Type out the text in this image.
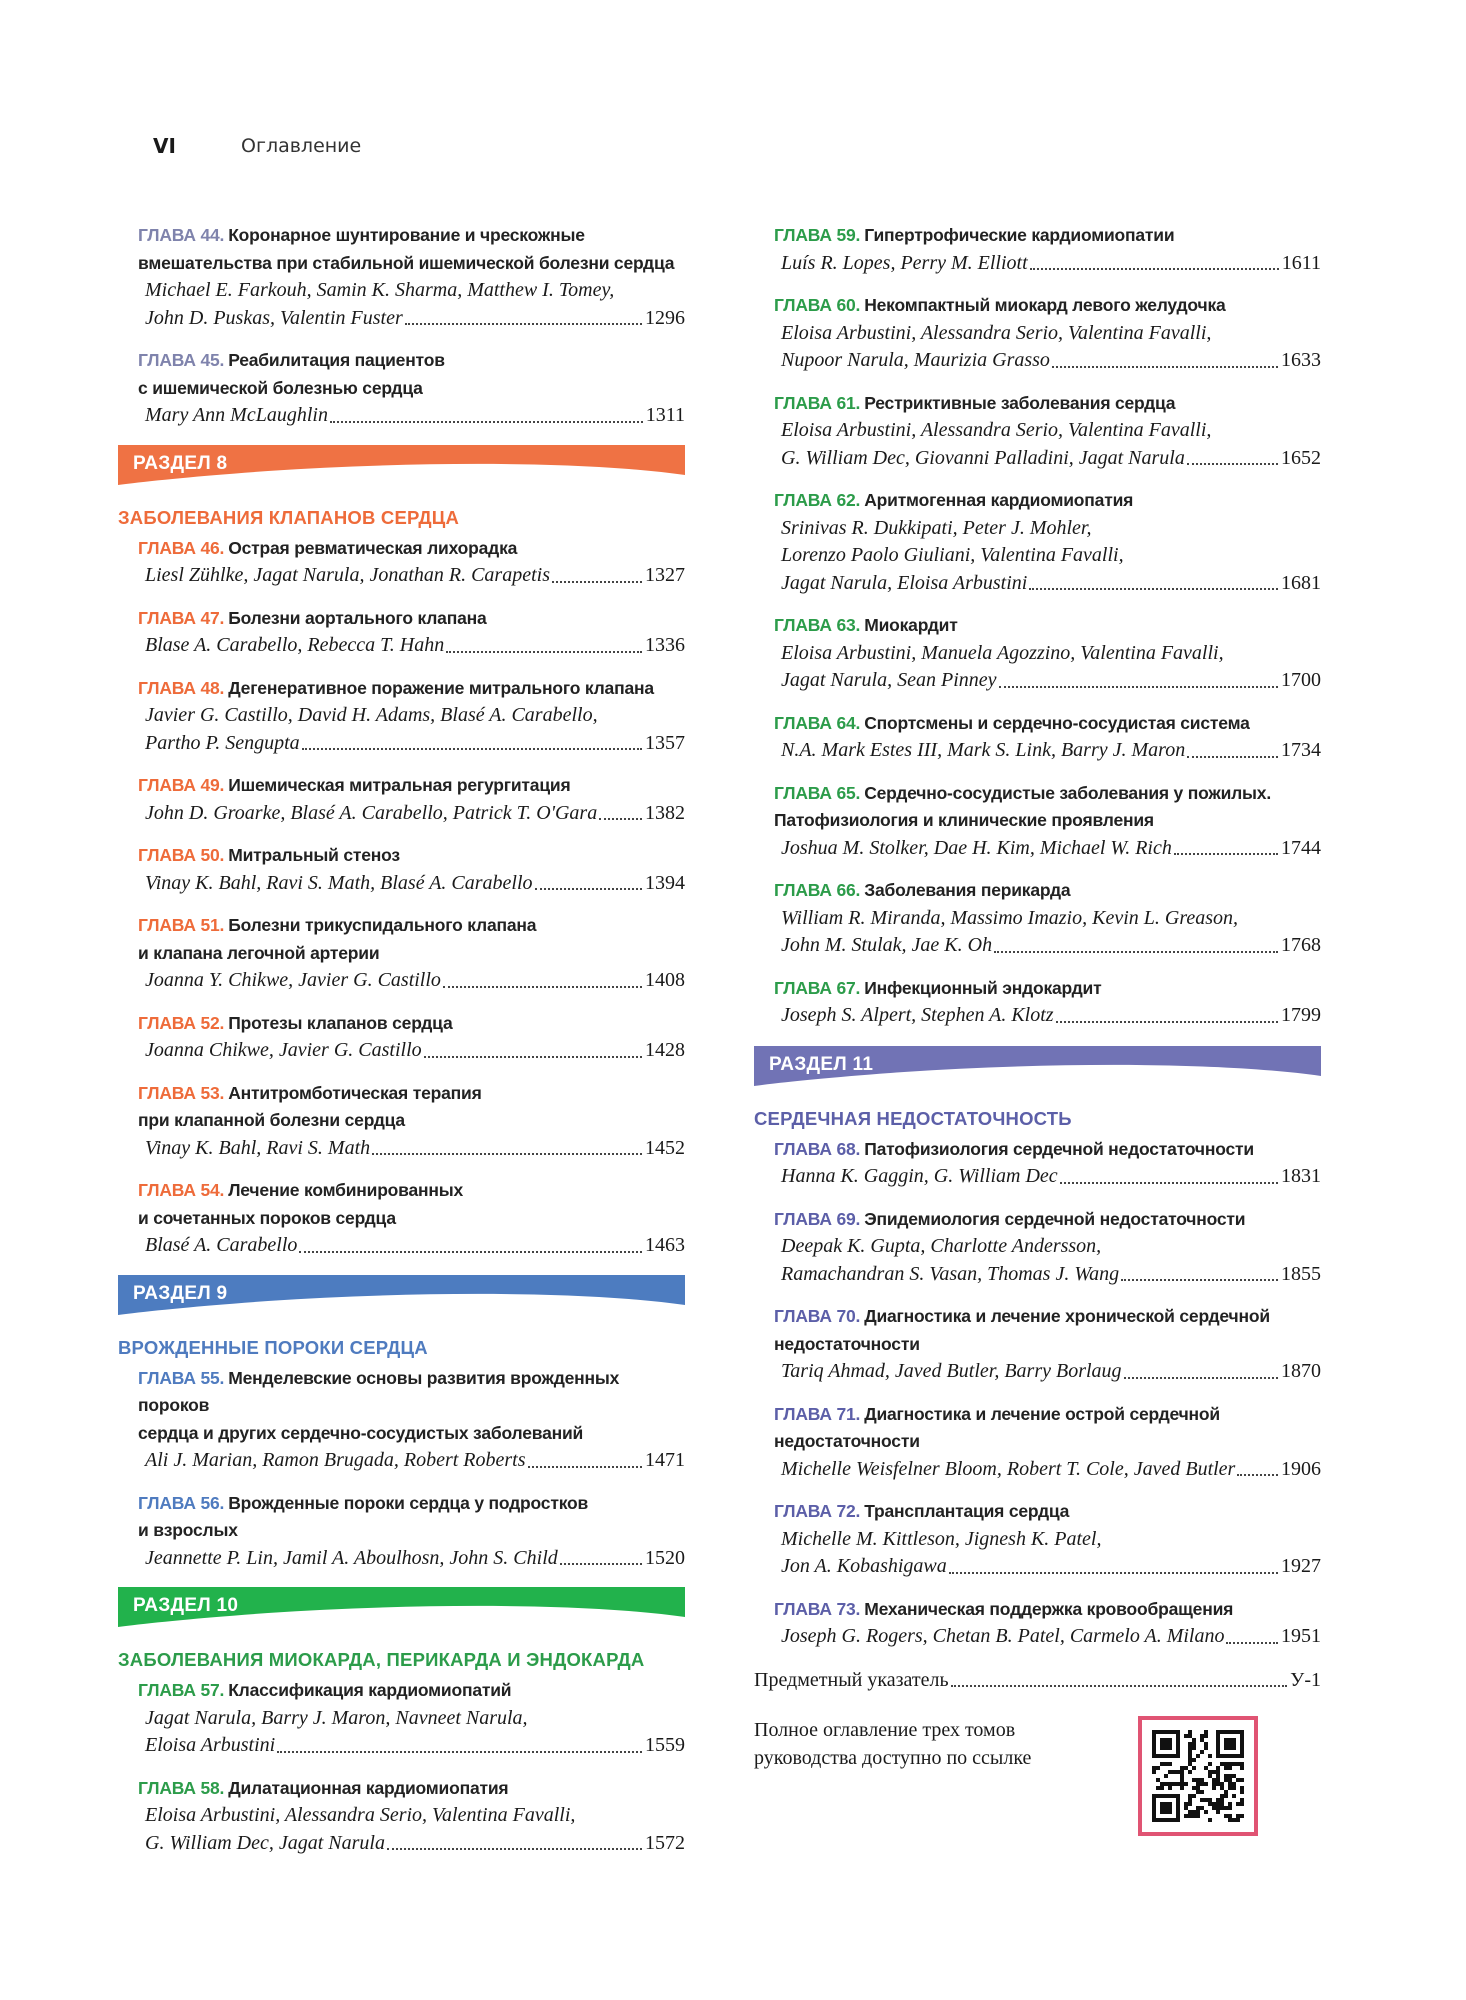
VI	Оглавление
ГЛАВА 44. Коронарное шунтирование и чрескожные
вмешательства при стабильной ишемической болезни сердца
Michael E. Farkouh, Samin K. Sharma, Matthew I. Tomey,
John D. Puskas, Valentin Fuster	1296
ГЛАВА 45. Реабилитация пациентов
с ишемической болезнью сердца
Mary Ann McLaughlin	1311
РАЗДЕЛ 8
ЗАБОЛЕВАНИЯ КЛАПАНОВ СЕРДЦА
ГЛАВА 46. Острая ревматическая лихорадка
Liesl Zühlke, Jagat Narula, Jonathan R. Carapetis	1327
ГЛАВА 47. Болезни аортального клапана
Blase A. Carabello, Rebecca T. Hahn	1336
ГЛАВА 48. Дегенеративное поражение митрального клапана
Javier G. Castillo, David H. Adams, Blasé A. Carabello,
Partho P. Sengupta	1357
ГЛАВА 49. Ишемическая митральная регургитация
John D. Groarke, Blasé A. Carabello, Patrick T. O'Gara 1382
ГЛАВА 50. Митральный стеноз
Vinay K. Bahl, Ravi S. Math, Blasé A. Carabello	1394
ГЛАВА 51. Болезни трикуспидального клапана
и клапана легочной артерии
Joanna Y. Chikwe, Javier G. Castillo	1408
ГЛАВА 52. Протезы клапанов сердца
Joanna Chikwe, Javier G. Castillo	1428
ГЛАВА 53. Антитромботическая терапия
при клапанной болезни сердца
Vinay K. Bahl, Ravi S. Math	1452
ГЛАВА 54. Лечение комбинированных
и сочетанных пороков сердца
Blasé A. Carabello	1463
РАЗДЕЛ 9
ВРОЖДЕННЫЕ ПОРОКИ СЕРДЦА
ГЛАВА 55. Менделевские основы развития врожденных пороков
сердца и других сердечно-сосудистых заболеваний
Ali J. Marian, Ramon Brugada, Robert Roberts	1471
ГЛАВА 56. Врожденные пороки сердца у подростков
и взрослых
Jeannette P. Lin, Jamil A. Aboulhosn, John S. Child	1520
РАЗДЕЛ 10
ЗАБОЛЕВАНИЯ МИОКАРДА, ПЕРИКАРДА И ЭНДОКАРДА
ГЛАВА 57. Классификация кардиомиопатий
Jagat Narula, Barry J. Maron, Navneet Narula,
Eloisa Arbustini	1559
ГЛАВА 58. Дилатационная кардиомиопатия
Eloisa Arbustini, Alessandra Serio, Valentina Favalli,
G. William Dec, Jagat Narula	1572
ГЛАВА 59. Гипертрофические кардиомиопатии
Luís R. Lopes, Perry M. Elliott	1611
ГЛАВА 60. Некомпактный миокард левого желудочка
Eloisa Arbustini, Alessandra Serio, Valentina Favalli,
Nupoor Narula, Maurizia Grasso	1633
ГЛАВА 61. Рестриктивные заболевания сердца
Eloisa Arbustini, Alessandra Serio, Valentina Favalli,
G. William Dec, Giovanni Palladini, Jagat Narula	1652
ГЛАВА 62. Аритмогенная кардиомиопатия
Srinivas R. Dukkipati, Peter J. Mohler,
Lorenzo Paolo Giuliani, Valentina Favalli,
Jagat Narula, Eloisa Arbustini	1681
ГЛАВА 63. Миокардит
Eloisa Arbustini, Manuela Agozzino, Valentina Favalli,
Jagat Narula, Sean Pinney	1700
ГЛАВА 64. Спортсмены и сердечно-сосудистая система
N.A. Mark Estes III, Mark S. Link, Barry J. Maron	1734
ГЛАВА 65. Сердечно-сосудистые заболевания у пожилых.
Патофизиология и клинические проявления
Joshua M. Stolker, Dae H. Kim, Michael W. Rich	1744
ГЛАВА 66. Заболевания перикарда
William R. Miranda, Massimo Imazio, Kevin L. Greason,
John M. Stulak, Jae K. Oh	1768
ГЛАВА 67. Инфекционный эндокардит
Joseph S. Alpert, Stephen A. Klotz	1799
РАЗДЕЛ 11
СЕРДЕЧНАЯ НЕДОСТАТОЧНОСТЬ
ГЛАВА 68. Патофизиология сердечной недостаточности
Hanna K. Gaggin, G. William Dec	1831
ГЛАВА 69. Эпидемиология сердечной недостаточности
Deepak K. Gupta, Charlotte Andersson,
Ramachandran S. Vasan, Thomas J. Wang	1855
ГЛАВА 70. Диагностика и лечение хронической сердечной
недостаточности
Tariq Ahmad, Javed Butler, Barry Borlaug	1870
ГЛАВА 71. Диагностика и лечение острой сердечной
недостаточности
Michelle Weisfelner Bloom, Robert T. Cole, Javed Butler 1906
ГЛАВА 72. Трансплантация сердца
Michelle M. Kittleson, Jignesh K. Patel,
Jon A. Kobashigawa	1927
ГЛАВА 73. Механическая поддержка кровообращения
Joseph G. Rogers, Chetan B. Patel, Carmelo A. Milano	1951
Предметный указатель	У-1
Полное оглавление трех томов
руководства доступно по ссылке
